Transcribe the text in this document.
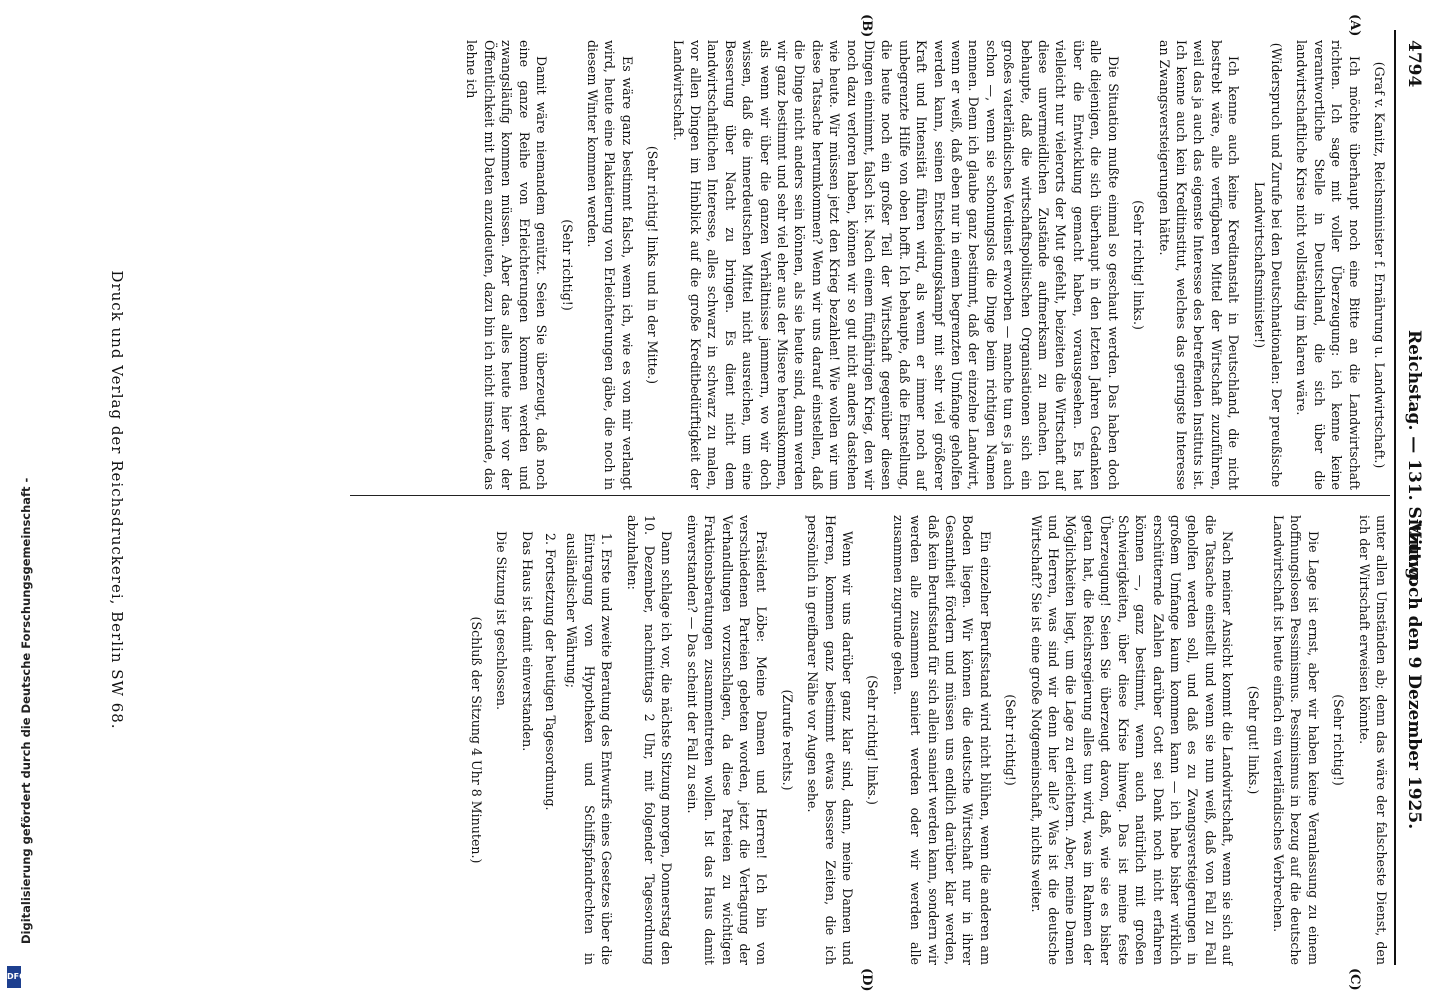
4794
Reichstag. — 131. Sitzung.
Mittwoch den 9 Dezember 1925.
(A)
(B)
(C)
(D)

(Graf v. Kanitz, Reichsminister f. Ernährung u. Landwirtschaft.)

Ich möchte überhaupt noch eine Bitte an die Landwirtschaft richten. Ich sage mit voller Überzeugung: ich kenne keine verantwortliche Stelle in Deutschland, die sich über die landwirtschaftliche Krise nicht vollständig im klaren wäre.

(Widerspruch und Zurufe bei den Deutschnationalen: Der preußische Landwirtschaftsminister!)

Ich kenne auch keine Kreditanstalt in Deutschland, die nicht bestrebt wäre, alle verfügbaren Mittel der Wirtschaft zuzuführen, weil das ja auch das eigenste Interesse des betreffenden Instituts ist. Ich kenne auch kein Kreditinstitut, welches das geringste Interesse an Zwangsversteigerungen hätte.

(Sehr richtig! links.)

Die Situation mußte einmal so geschaut werden. Das haben doch alle diejenigen, die sich überhaupt in den letzten Jahren Gedanken über die Entwicklung gemacht haben, vorausgesehen. Es hat vielleicht nur vielerorts der Mut gefehlt, beizeiten die Wirtschaft auf diese unvermeidlichen Zustände aufmerksam zu machen. Ich behaupte, daß die wirtschaftspolitischen Organisationen sich ein großes vaterländisches Verdienst erworben — manche tun es ja auch schon —, wenn sie schonungslos die Dinge beim richtigen Namen nennen. Denn ich glaube ganz bestimmt, daß der einzelne Landwirt, wenn er weiß, daß eben nur in einem begrenzten Umfange geholfen werden kann, seinen Entscheidungskampf mit sehr viel größerer Kraft und Intensität führen wird, als wenn er immer noch auf unbegrenzte Hilfe von oben hofft. Ich behaupte, daß die Einstellung, die heute noch ein großer Teil der Wirtschaft gegenüber diesen Dingen einnimmt, falsch ist. Nach einem fünfjährigen Krieg, den wir noch dazu verloren haben, können wir so gut nicht anders dastehen wie heute. Wir müssen jetzt den Krieg bezahlen! Wie wollen wir um diese Tatsache herumkommen? Wenn wir uns darauf einstellen, daß die Dinge nicht anders sein können, als sie heute sind, dann werden wir ganz bestimmt und sehr viel eher aus der Misere herauskommen, als wenn wir über die ganzen Verhältnisse jammern, wo wir doch wissen, daß die innerdeutschen Mittel nicht ausreichen, um eine Besserung über Nacht zu bringen. Es dient nicht dem landwirtschaftlichen Interesse, alles schwarz in schwarz zu malen, vor allen Dingen im Hinblick auf die große Kreditbedürftigkeit der Landwirtschaft.

(Sehr richtig! links und in der Mitte.)

Es wäre ganz bestimmt falsch, wenn ich, wie es von mir verlangt wird, heute eine Plakatierung von Erleichterungen gäbe, die noch in diesem Winter kommen werden.

(Sehr richtig!)

Damit wäre niemandem genützt. Seien Sie überzeugt, daß noch eine ganze Reihe von Erleichterungen kommen werden und zwangsläufig kommen müssen. Aber das alles heute hier vor der Öffentlichkeit mit Daten anzudeuten, dazu bin ich nicht imstande, das lehne ich

unter allen Umständen ab; denn das wäre der falscheste Dienst, den ich der Wirtschaft erweisen könnte.

(Sehr richtig!)

Die Lage ist ernst, aber wir haben keine Veranlassung zu einem hoffnungslosen Pessimismus. Pessimismus in bezug auf die deutsche Landwirtschaft ist heute einfach ein vaterländisches Verbrechen.

(Sehr gut! links.)

Nach meiner Ansicht kommt die Landwirtschaft, wenn sie sich auf die Tatsache einstellt und wenn sie nun weiß, daß von Fall zu Fall geholfen werden soll, und daß es zu Zwangsversteigerungen in großem Umfange kaum kommen kann — ich habe bisher wirklich erschütternde Zahlen darüber Gott sei Dank noch nicht erfahren können —, ganz bestimmt, wenn auch natürlich mit großen Schwierigkeiten, über diese Krise hinweg. Das ist meine feste Überzeugung! Seien Sie überzeugt davon, daß, wie sie es bisher getan hat, die Reichsregierung alles tun wird, was im Rahmen der Möglichkeiten liegt, um die Lage zu erleichtern. Aber, meine Damen und Herren, was sind wir denn hier alle? Was ist die deutsche Wirtschaft? Sie ist eine große Notgemeinschaft, nichts weiter.

(Sehr richtig!)

Ein einzelner Berufsstand wird nicht blühen, wenn die anderen am Boden liegen. Wir können die deutsche Wirtschaft nur in ihrer Gesamtheit fördern und müssen uns endlich darüber klar werden, daß kein Berufsstand für sich allein saniert werden kann, sondern wir werden alle zusammen saniert werden oder wir werden alle zusammen zugrunde gehen.

(Sehr richtig! links.)

Wenn wir uns darüber ganz klar sind, dann, meine Damen und Herren, kommen ganz bestimmt etwas bessere Zeiten, die ich persönlich in greifbarer Nähe vor Augen sehe.

(Zurufe rechts.)

Präsident Löbe: Meine Damen und Herren! Ich bin von verschiedenen Parteien gebeten worden, jetzt die Vertagung der Verhandlungen vorzuschlagen, da diese Parteien zu wichtigen Fraktionsberatungen zusammentreten wollen. Ist das Haus damit einverstanden? — Das scheint der Fall zu sein.

Dann schlage ich vor, die nächste Sitzung morgen, Donnerstag den 10. Dezember, nachmittags 2 Uhr, mit folgender Tagesordnung abzuhalten:

1. Erste und zweite Beratung des Entwurfs eines Gesetzes über die Eintragung von Hypotheken und Schiffspfandrechten in ausländischer Währung;
2. Fortsetzung der heutigen Tagesordnung.

Das Haus ist damit einverstanden.

Die Sitzung ist geschlossen.

(Schluß der Sitzung 4 Uhr 8 Minuten.)

Druck und Verlag der Reichsdruckerei, Berlin SW 68.
Digitalisierung gefördert durch die Deutsche Forschungsgemeinschaft -
DFG
